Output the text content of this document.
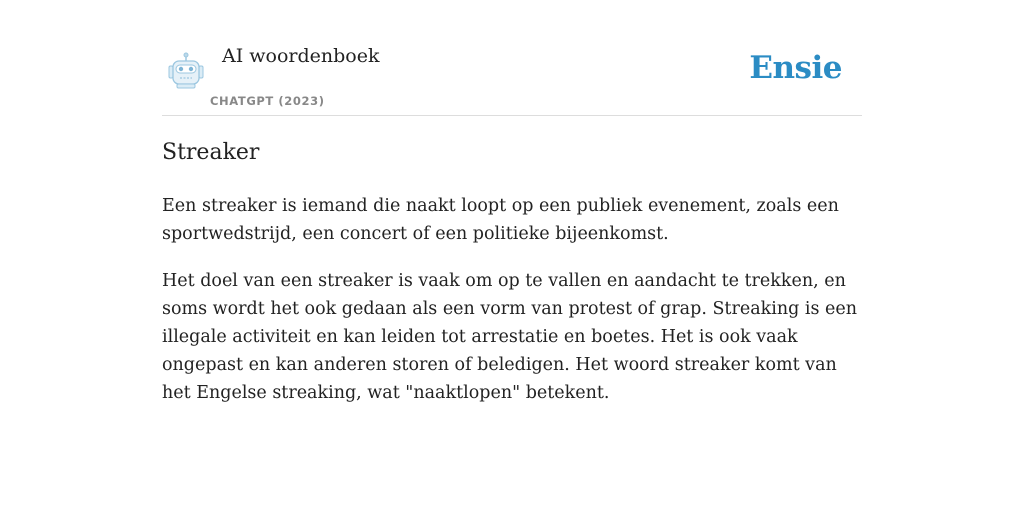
AI woordenboek
CHATGPT (2023)
Ensie
Streaker

Een streaker is iemand die naakt loopt op een publiek evenement, zoals een sportwedstrijd, een concert of een politieke bijeenkomst.

Het doel van een streaker is vaak om op te vallen en aandacht te trekken, en soms wordt het ook gedaan als een vorm van protest of grap. Streaking is een illegale activiteit en kan leiden tot arrestatie en boetes. Het is ook vaak ongepast en kan anderen storen of beledigen. Het woord streaker komt van het Engelse streaking, wat "naaktlopen" betekent.
